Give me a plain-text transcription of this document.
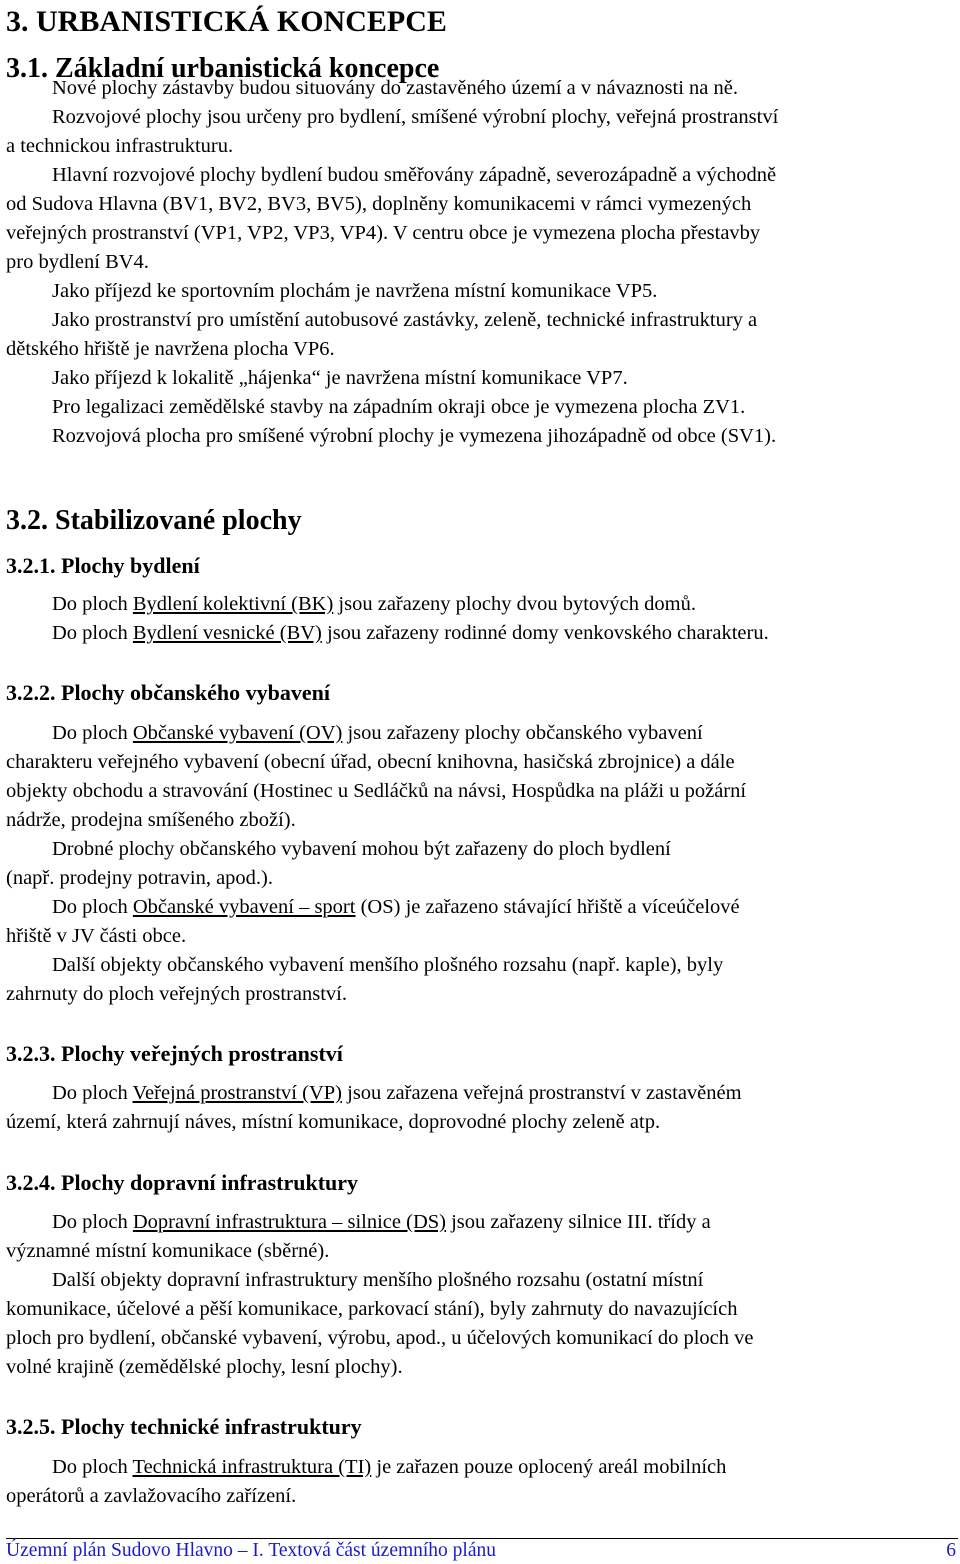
3. URBANISTICKÁ KONCEPCE
3.1. Základní urbanistická koncepce

Nové plochy zástavby budou situovány do zastavěného území a v návaznosti na ně.

Rozvojové plochy jsou určeny pro bydlení, smíšené výrobní plochy, veřejná prostranství

a technickou infrastrukturu.

Hlavní rozvojové plochy bydlení budou směřovány západně, severozápadně a východně

od Sudova Hlavna (BV1, BV2, BV3, BV5), doplněny komunikacemi v rámci vymezených

veřejných prostranství (VP1, VP2, VP3, VP4). V centru obce je vymezena plocha přestavby

pro bydlení BV4.

Jako příjezd ke sportovním plochám je navržena místní komunikace VP5.

Jako prostranství pro umístění autobusové zastávky, zeleně, technické infrastruktury a

dětského hřiště je navržena plocha VP6.

Jako příjezd k lokalitě „hájenka“ je navržena místní komunikace VP7.

Pro legalizaci zemědělské stavby na západním okraji obce je vymezena plocha ZV1.

Rozvojová plocha pro smíšené výrobní plochy je vymezena jihozápadně od obce (SV1).

3.2. Stabilizované plochy
3.2.1. Plochy bydlení

Do ploch Bydlení kolektivní (BK) jsou zařazeny plochy dvou bytových domů.

Do ploch Bydlení vesnické (BV) jsou zařazeny rodinné domy venkovského charakteru.

3.2.2. Plochy občanského vybavení

Do ploch Občanské vybavení (OV) jsou zařazeny plochy občanského vybavení

charakteru veřejného vybavení (obecní úřad, obecní knihovna, hasičská zbrojnice) a dále

objekty obchodu a stravování (Hostinec u Sedláčků na návsi, Hospůdka na pláži u požární

nádrže, prodejna smíšeného zboží).

Drobné plochy občanského vybavení mohou být zařazeny do ploch bydlení

(např. prodejny potravin, apod.).

Do ploch Občanské vybavení – sport (OS) je zařazeno stávající hřiště a víceúčelové

hřiště v JV části obce.

Další objekty občanského vybavení menšího plošného rozsahu (např. kaple), byly

zahrnuty do ploch veřejných prostranství.

3.2.3. Plochy veřejných prostranství

Do ploch Veřejná prostranství (VP) jsou zařazena veřejná prostranství v zastavěném

území, která zahrnují náves, místní komunikace, doprovodné plochy zeleně atp.

3.2.4. Plochy dopravní infrastruktury

Do ploch Dopravní infrastruktura – silnice (DS) jsou zařazeny silnice III. třídy a

významné místní komunikace (sběrné).

Další objekty dopravní infrastruktury menšího plošného rozsahu (ostatní místní

komunikace, účelové a pěší komunikace, parkovací stání), byly zahrnuty do navazujících

ploch pro bydlení, občanské vybavení, výrobu, apod., u účelových komunikací do ploch ve

volné krajině (zemědělské plochy, lesní plochy).

3.2.5. Plochy technické infrastruktury

Do ploch Technická infrastruktura (TI) je zařazen pouze oplocený areál mobilních

operátorů a zavlažovacího zařízení.

Územní plán Sudovo Hlavno – I. Textová část územního plánu	6
